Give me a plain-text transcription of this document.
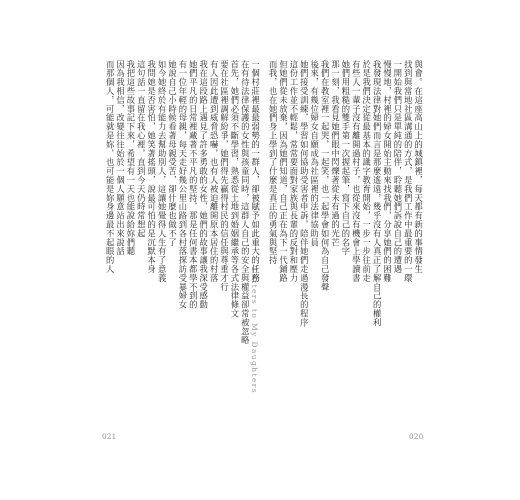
Letters to My Daughters
一個村莊裡最最弱勢的一群人，卻被賦予如此重大的任務
在有待法律保護的女性與孩童同時，這群人自己的安全與權益卻常被忽略
首先，她們必須不斷學習，熟悉從土地到婚姻繼承等各式法律條文
要在社區裡調解紛爭，她們得先贏得村民的信任與尊重才行
有人因此遭到威脅恐嚇，也有人被迫離開原本居住的村落
我在這段路上遇見了許多勇敢的女性，她們的故事讓我深受感動
她們平凡的日常裡藏著不平凡的堅持，那是任何書本都學不到的
有一位年輕的母親，每天走好幾公里山路到各村落探訪受暴婦女
她說自己小時候看著母親受苦，卻什麼也做不了
如今她終於有能力去幫助別人，這讓她覺得人生有了意義
我問她是否害怕，她笑著搖頭，說最可怕的是沉默本身
這句話一直留在我心裡，直到今天仍時常想起
我把這些故事記下來，希望有一天也能說給妳們聽
因為我相信，改變往往始於一個人願意站出來說話
而那個人，可能就是妳，也可能是妳身邊最不起眼的人	與會。在這座高山上的城鎮裡，每天都有新的事情發生
找到與當地社區溝通的方式，是我們工作中最重要的一環
一開始我們只是單純的陪伴，聆聽她們訴說自己的遭遇
慢慢地，村裡的婦女開始主動來找我們，分享她們的困難
我發現法律對她們而言是那麼遙遠，幾乎沒有人真正了解自己的權利
於是我們決定從最基本的識字教育開始，一步一步往前走
有些人一輩子沒有離開過村子，也從來沒有機會上學讀書
她們用粗糙的雙手第一次握起筆，寫下自己的名字
那一刻，我看見她們眼中閃爍著從未有過的光芒
我們在教室裡一起哭，一起笑，也一起學會如何為自己發聲
後來，有幾位婦女自願成為社區裡的法律協助員
她們接受訓練，學習如何協助受害者申訴，陪伴她們走過漫長的程序
這份工作並不輕鬆，常常要面對家族與長輩的反對和壓力
但她們從未放棄，因為她們知道，自己正在為下一代鋪路
而我，也在她們身上學到了什麼是真正的勇氣與堅持
021	020
